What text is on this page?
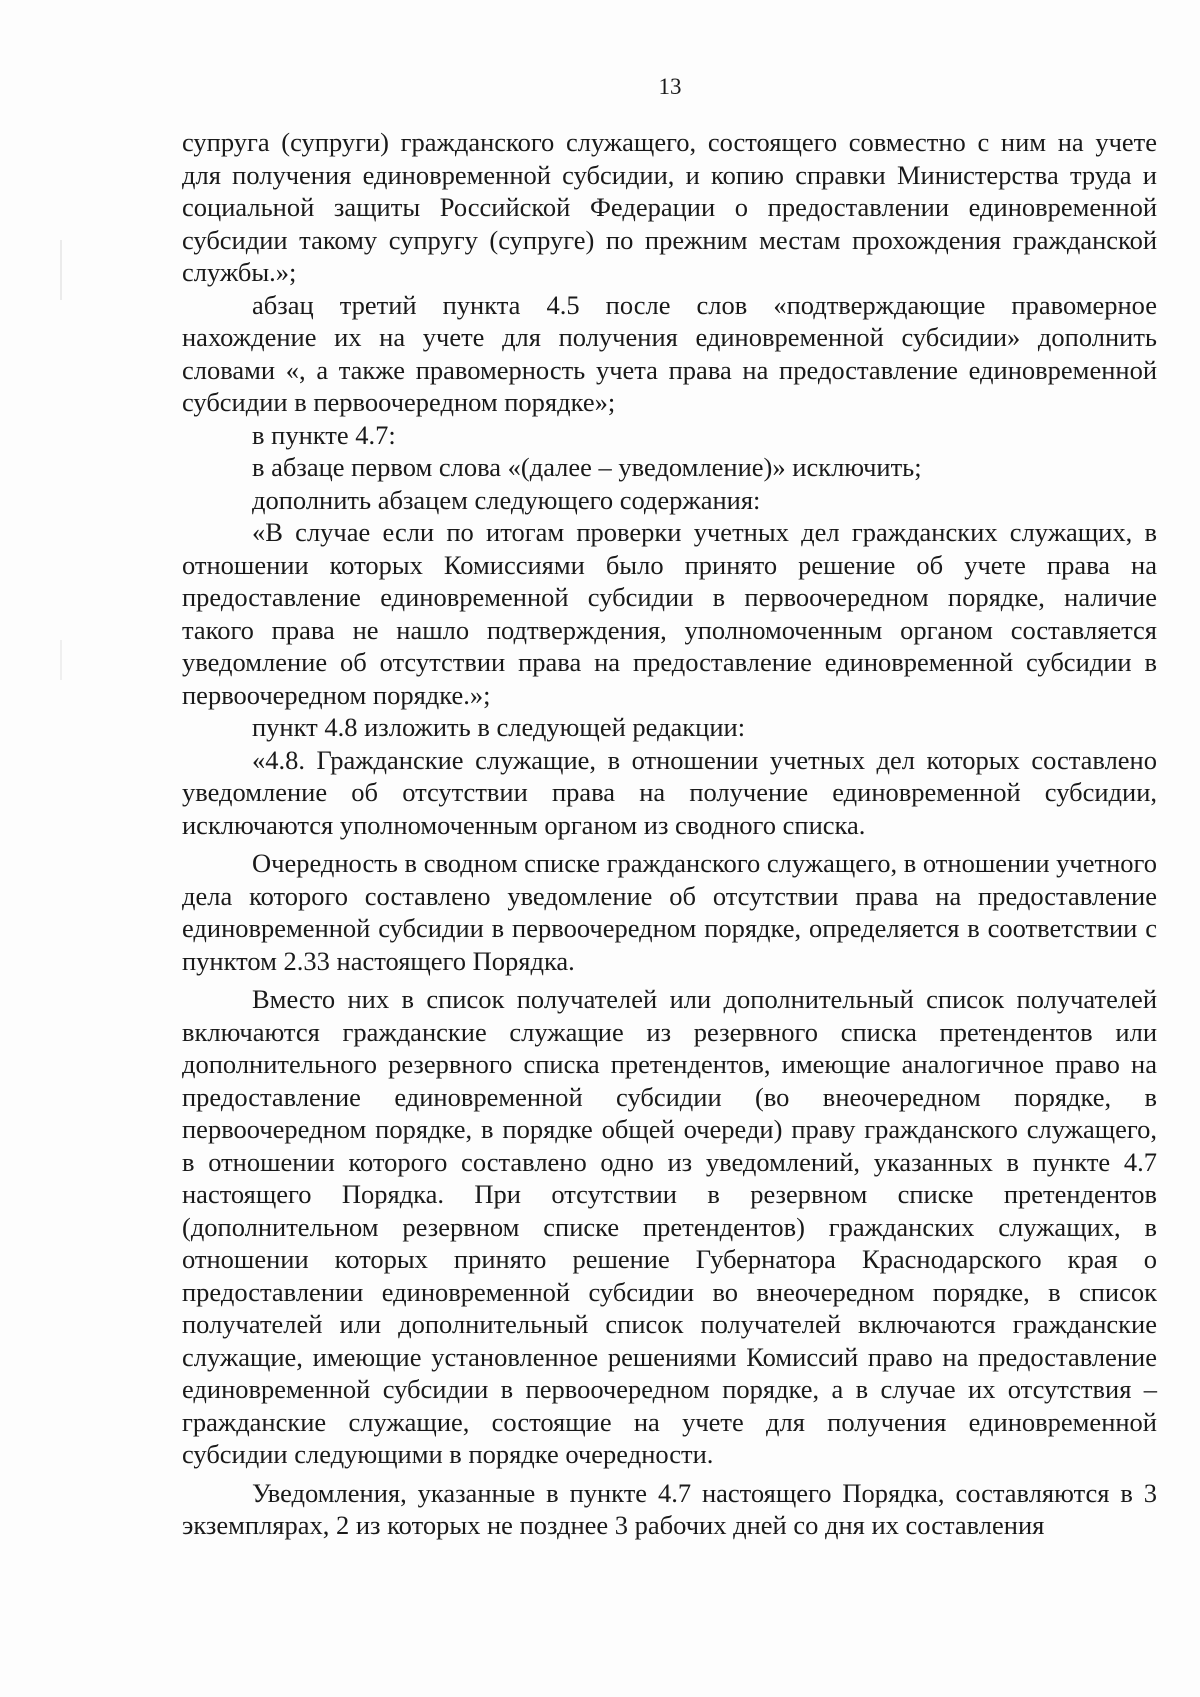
13

супруга (супруги) гражданского служащего, состоящего совместно с ним на учете для получения единовременной субсидии, и копию справки Министерства труда и социальной защиты Российской Федерации о предоставлении единовременной субсидии такому супругу (супруге) по прежним местам прохождения гражданской службы.»;

абзац третий пункта 4.5 после слов «подтверждающие правомерное нахождение их на учете для получения единовременной субсидии» дополнить словами «, а также правомерность учета права на предоставление единовременной субсидии в первоочередном порядке»;

в пункте 4.7:

в абзаце первом слова «(далее – уведомление)» исключить;

дополнить абзацем следующего содержания:

«В случае если по итогам проверки учетных дел гражданских служащих, в отношении которых Комиссиями было принято решение об учете права на предоставление единовременной субсидии в первоочередном порядке, наличие такого права не нашло подтверждения, уполномоченным органом составляется уведомление об отсутствии права на предоставление единовременной субсидии в первоочередном порядке.»;

пункт 4.8 изложить в следующей редакции:

«4.8. Гражданские служащие, в отношении учетных дел которых составлено уведомление об отсутствии права на получение единовременной субсидии, исключаются уполномоченным органом из сводного списка.

Очередность в сводном списке гражданского служащего, в отношении учетного дела которого составлено уведомление об отсутствии права на предоставление единовременной субсидии в первоочередном порядке, определяется в соответствии с пунктом 2.33 настоящего Порядка.

Вместо них в список получателей или дополнительный список получателей включаются гражданские служащие из резервного списка претендентов или дополнительного резервного списка претендентов, имеющие аналогичное право на предоставление единовременной субсидии (во внеочередном порядке, в первоочередном порядке, в порядке общей очереди) праву гражданского служащего, в отношении которого составлено одно из уведомлений, указанных в пункте 4.7 настоящего Порядка. При отсутствии в резервном списке претендентов (дополнительном резервном списке претендентов) гражданских служащих, в отношении которых принято решение Губернатора Краснодарского края о предоставлении единовременной субсидии во внеочередном порядке, в список получателей или дополнительный список получателей включаются гражданские служащие, имеющие установленное решениями Комиссий право на предоставление единовременной субсидии в первоочередном порядке, а в случае их отсутствия – гражданские служащие, состоящие на учете для получения единовременной субсидии следующими в порядке очередности.

Уведомления, указанные в пункте 4.7 настоящего Порядка, составляются в 3 экземплярах, 2 из которых не позднее 3 рабочих дней со дня их составления
